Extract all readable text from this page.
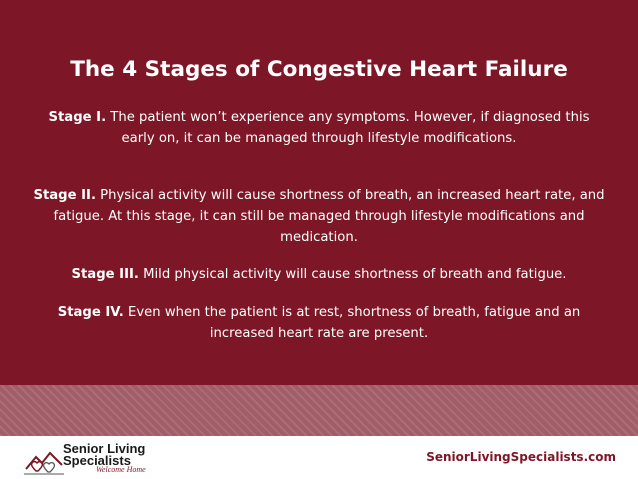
The 4 Stages of Congestive Heart Failure
Stage I. The patient won’t experience any symptoms. However, if diagnosed this early on, it can be managed through lifestyle modifications.
Stage II. Physical activity will cause shortness of breath, an increased heart rate, and fatigue. At this stage, it can still be managed through lifestyle modifications and medication.
Stage III. Mild physical activity will cause shortness of breath and fatigue.
Stage IV. Even when the patient is at rest, shortness of breath, fatigue and an increased heart rate are present.
Senior Living
Specialists
Welcome Home
SeniorLivingSpecialists.com
